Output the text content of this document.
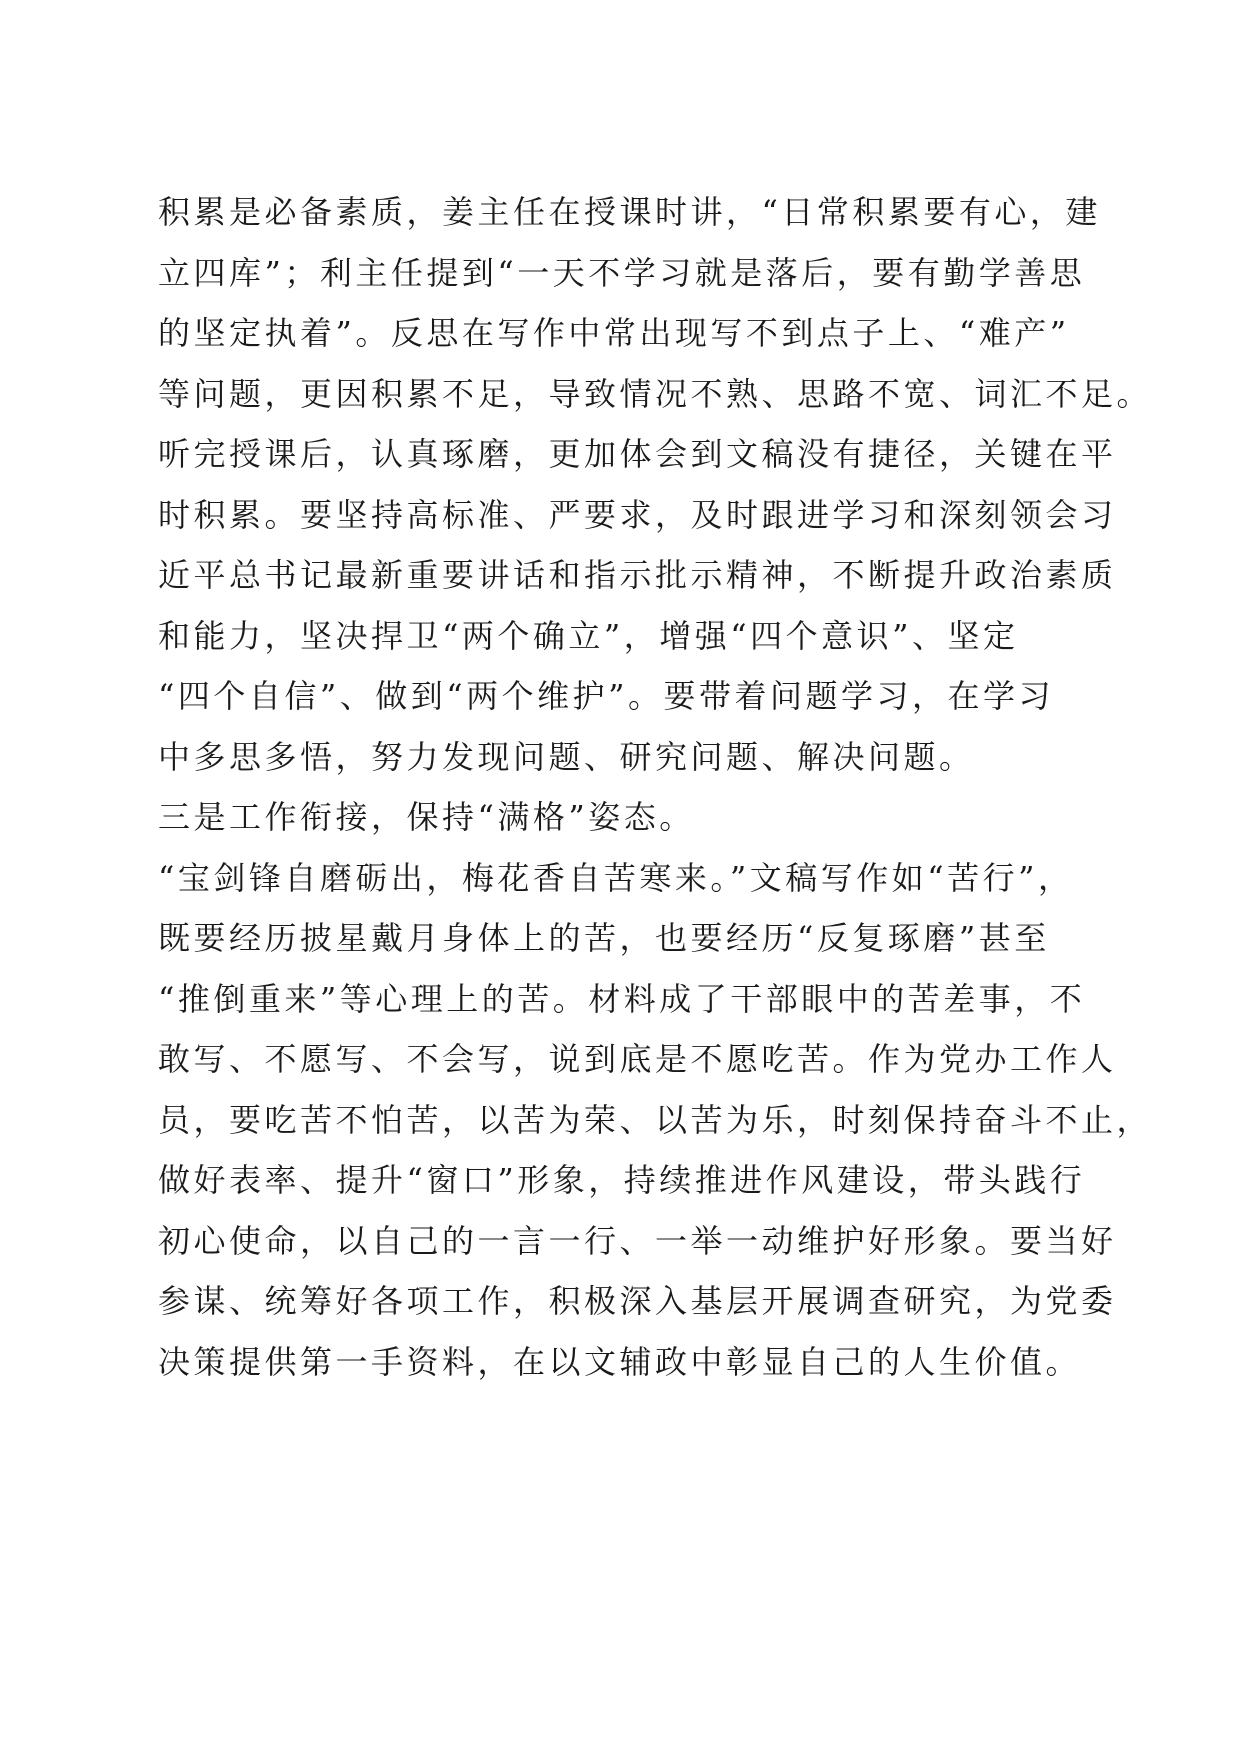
积累是必备素质，姜主任在授课时讲，“日常积累要有心，建
立四库”；利主任提到“一天不学习就是落后，要有勤学善思
的坚定执着”。反思在写作中常出现写不到点子上、“难产”
等问题，更因积累不足，导致情况不熟、思路不宽、词汇不足。
听完授课后，认真琢磨，更加体会到文稿没有捷径，关键在平
时积累。要坚持高标准、严要求，及时跟进学习和深刻领会习
近平总书记最新重要讲话和指示批示精神，不断提升政治素质
和能力，坚决捍卫“两个确立”，增强“四个意识”、坚定
“四个自信”、做到“两个维护”。要带着问题学习，在学习
中多思多悟，努力发现问题、研究问题、解决问题。
三是工作衔接，保持“满格”姿态。
“宝剑锋自磨砺出，梅花香自苦寒来。”文稿写作如“苦行”，
既要经历披星戴月身体上的苦，也要经历“反复琢磨”甚至
“推倒重来”等心理上的苦。材料成了干部眼中的苦差事，不
敢写、不愿写、不会写，说到底是不愿吃苦。作为党办工作人
员，要吃苦不怕苦，以苦为荣、以苦为乐，时刻保持奋斗不止，
做好表率、提升“窗口”形象，持续推进作风建设，带头践行
初心使命，以自己的一言一行、一举一动维护好形象。要当好
参谋、统筹好各项工作，积极深入基层开展调查研究，为党委
决策提供第一手资料，在以文辅政中彰显自己的人生价值。
